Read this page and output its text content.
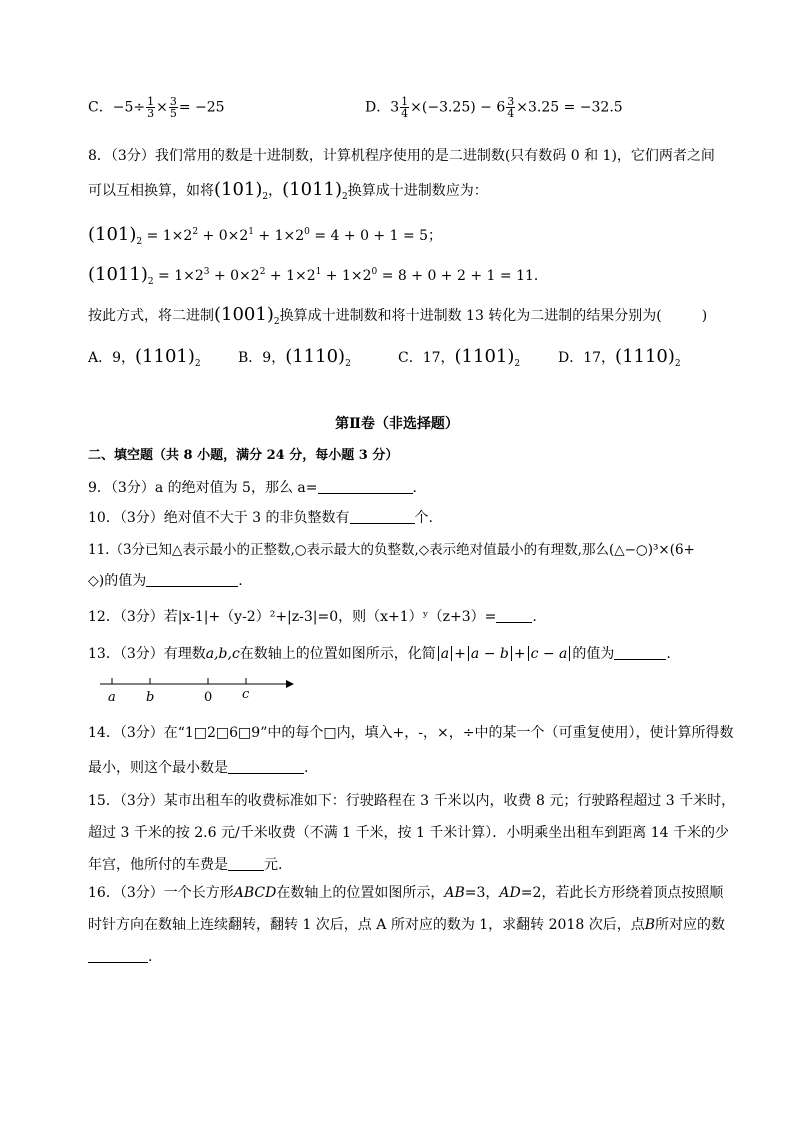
C．$-5\div \frac{1}{3} \times \frac{3}{5} = -25$	D．$3 \frac{1}{4} \times(-3.25) - 6 \frac{3}{4} \times 3.25 = -32.5$
8．（3分）我们常用的数是十进制数，计算机程序使用的是二进制数(只有数码 0 和 1)，它们两者之间
可以互相换算，如将$(101)_2$，$(1011)_2$换算成十进制数应为：
$(101)_2 = 1\times 2^2 + 0\times 2^1 + 1\times 2^0 = 4 + 0 + 1 = 5$；
$(1011)_2 = 1\times 2^3 + 0\times 2^2 + 1\times 2^1 + 1\times 2^0 = 8 + 0 + 2 + 1 = 11$．
按此方式，将二进制$(1001)_2$换算成十进制数和将十进制数 13 转化为二进制的结果分别为(	)
A．9，$(1101)_2$	B．9，$(1110)_2$	C．17，$(1101)_2$	D．17，$(1110)_2$
第Ⅱ卷（非选择题）
二、填空题（共 8 小题，满分 24 分，每小题 3 分）
9．（3分）a 的绝对值为 5，那么 a=	.
10．（3分）绝对值不大于 3 的非负整数有	个.
11.（3分已知△表示最小的正整数,○表示最大的负整数,◇表示绝对值最小的有理数,那么(△−○)³×(6+
◇)的值为	.
12．（3分）若|x-1|+（y-2）²+|z-3|=0，则（x+1）ʸ（z+3）=	.
13．（3分）有理数a,b,c在数轴上的位置如图所示，化简 a + a − b + c − a 的值为	.
a b	0 c
14．（3分）在“1□2□6□9”中的每个□内，填入+，-，×，÷中的某一个（可重复使用），使计算所得数
最小，则这个最小数是	.
15．（3分）某市出租车的收费标准如下：行驶路程在 3 千米以内，收费 8 元；行驶路程超过 3 千米时，
超过 3 千米的按 2.6 元/千米收费（不满 1 千米，按 1 千米计算）．小明乘坐出租车到距离 14 千米的少
年宫，他所付的车费是	元.
16．（3分）一个长方形ABCD在数轴上的位置如图所示，AB=3，AD=2，若此长方形绕着顶点按照顺
时针方向在数轴上连续翻转，翻转 1 次后，点 A 所对应的数为 1，求翻转 2018 次后，点B所对应的数
.
